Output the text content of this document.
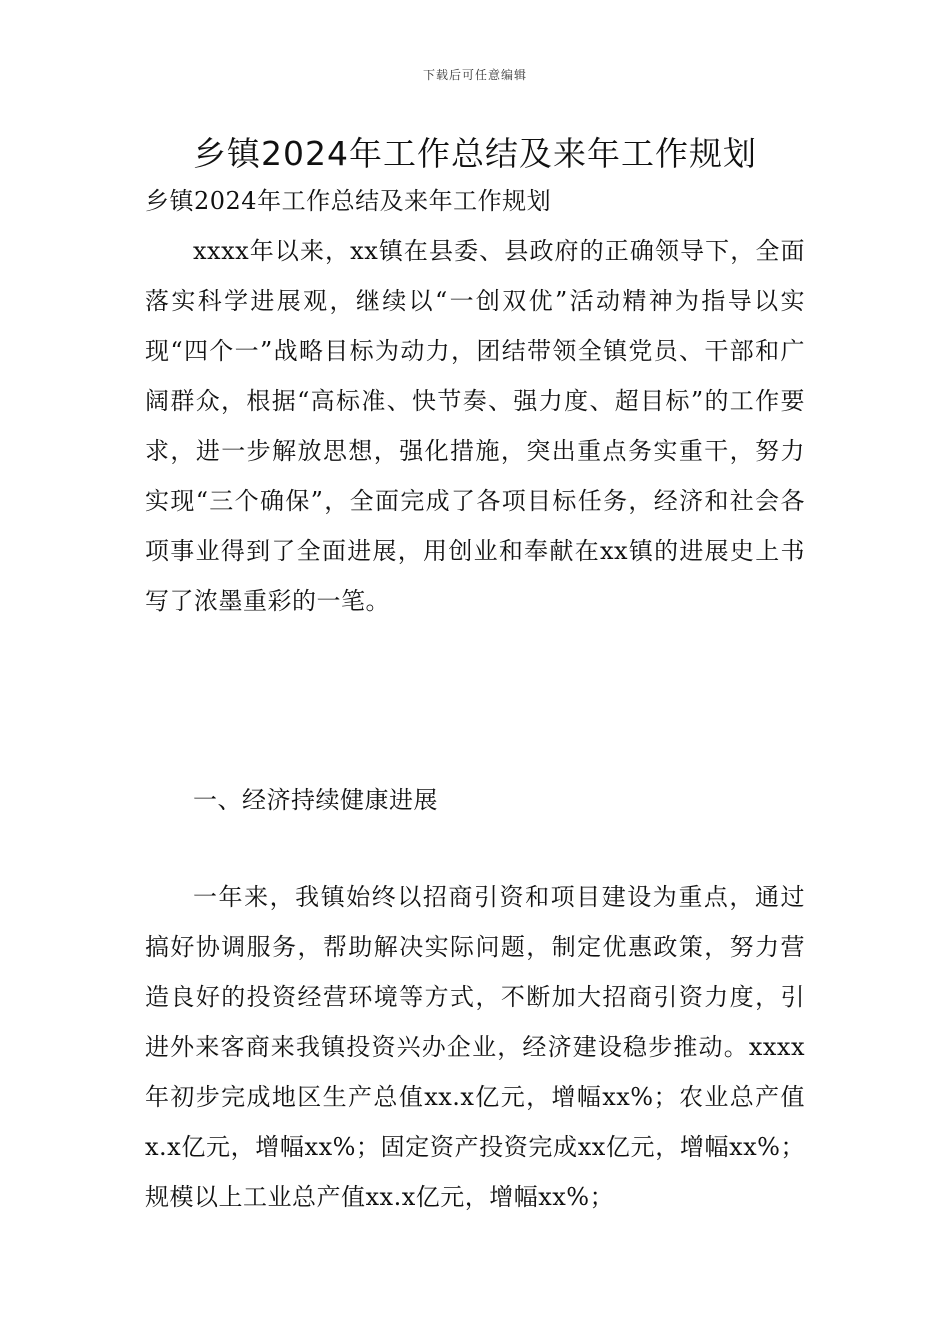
下载后可任意编辑
乡镇2024年工作总结及来年工作规划

乡镇2024年工作总结及来年工作规划

xxxx年以来，xx镇在县委、县政府的正确领导下，全面落实科学进展观，继续以“一创双优”活动精神为指导以实现“四个一”战略目标为动力，团结带领全镇党员、干部和广阔群众，根据“高标准、快节奏、强力度、超目标”的工作要求，进一步解放思想，强化措施，突出重点务实重干，努力实现“三个确保”，全面完成了各项目标任务，经济和社会各项事业得到了全面进展，用创业和奉献在xx镇的进展史上书写了浓墨重彩的一笔。

一、经济持续健康进展

一年来，我镇始终以招商引资和项目建设为重点，通过搞好协调服务，帮助解决实际问题，制定优惠政策，努力营造良好的投资经营环境等方式，不断加大招商引资力度，引进外来客商来我镇投资兴办企业，经济建设稳步推动。xxxx年初步完成地区生产总值xx.x亿元，增幅xx%；农业总产值x.x亿元，增幅xx%；固定资产投资完成xx亿元，增幅xx%；规模以上工业总产值xx.x亿元，增幅xx%；
